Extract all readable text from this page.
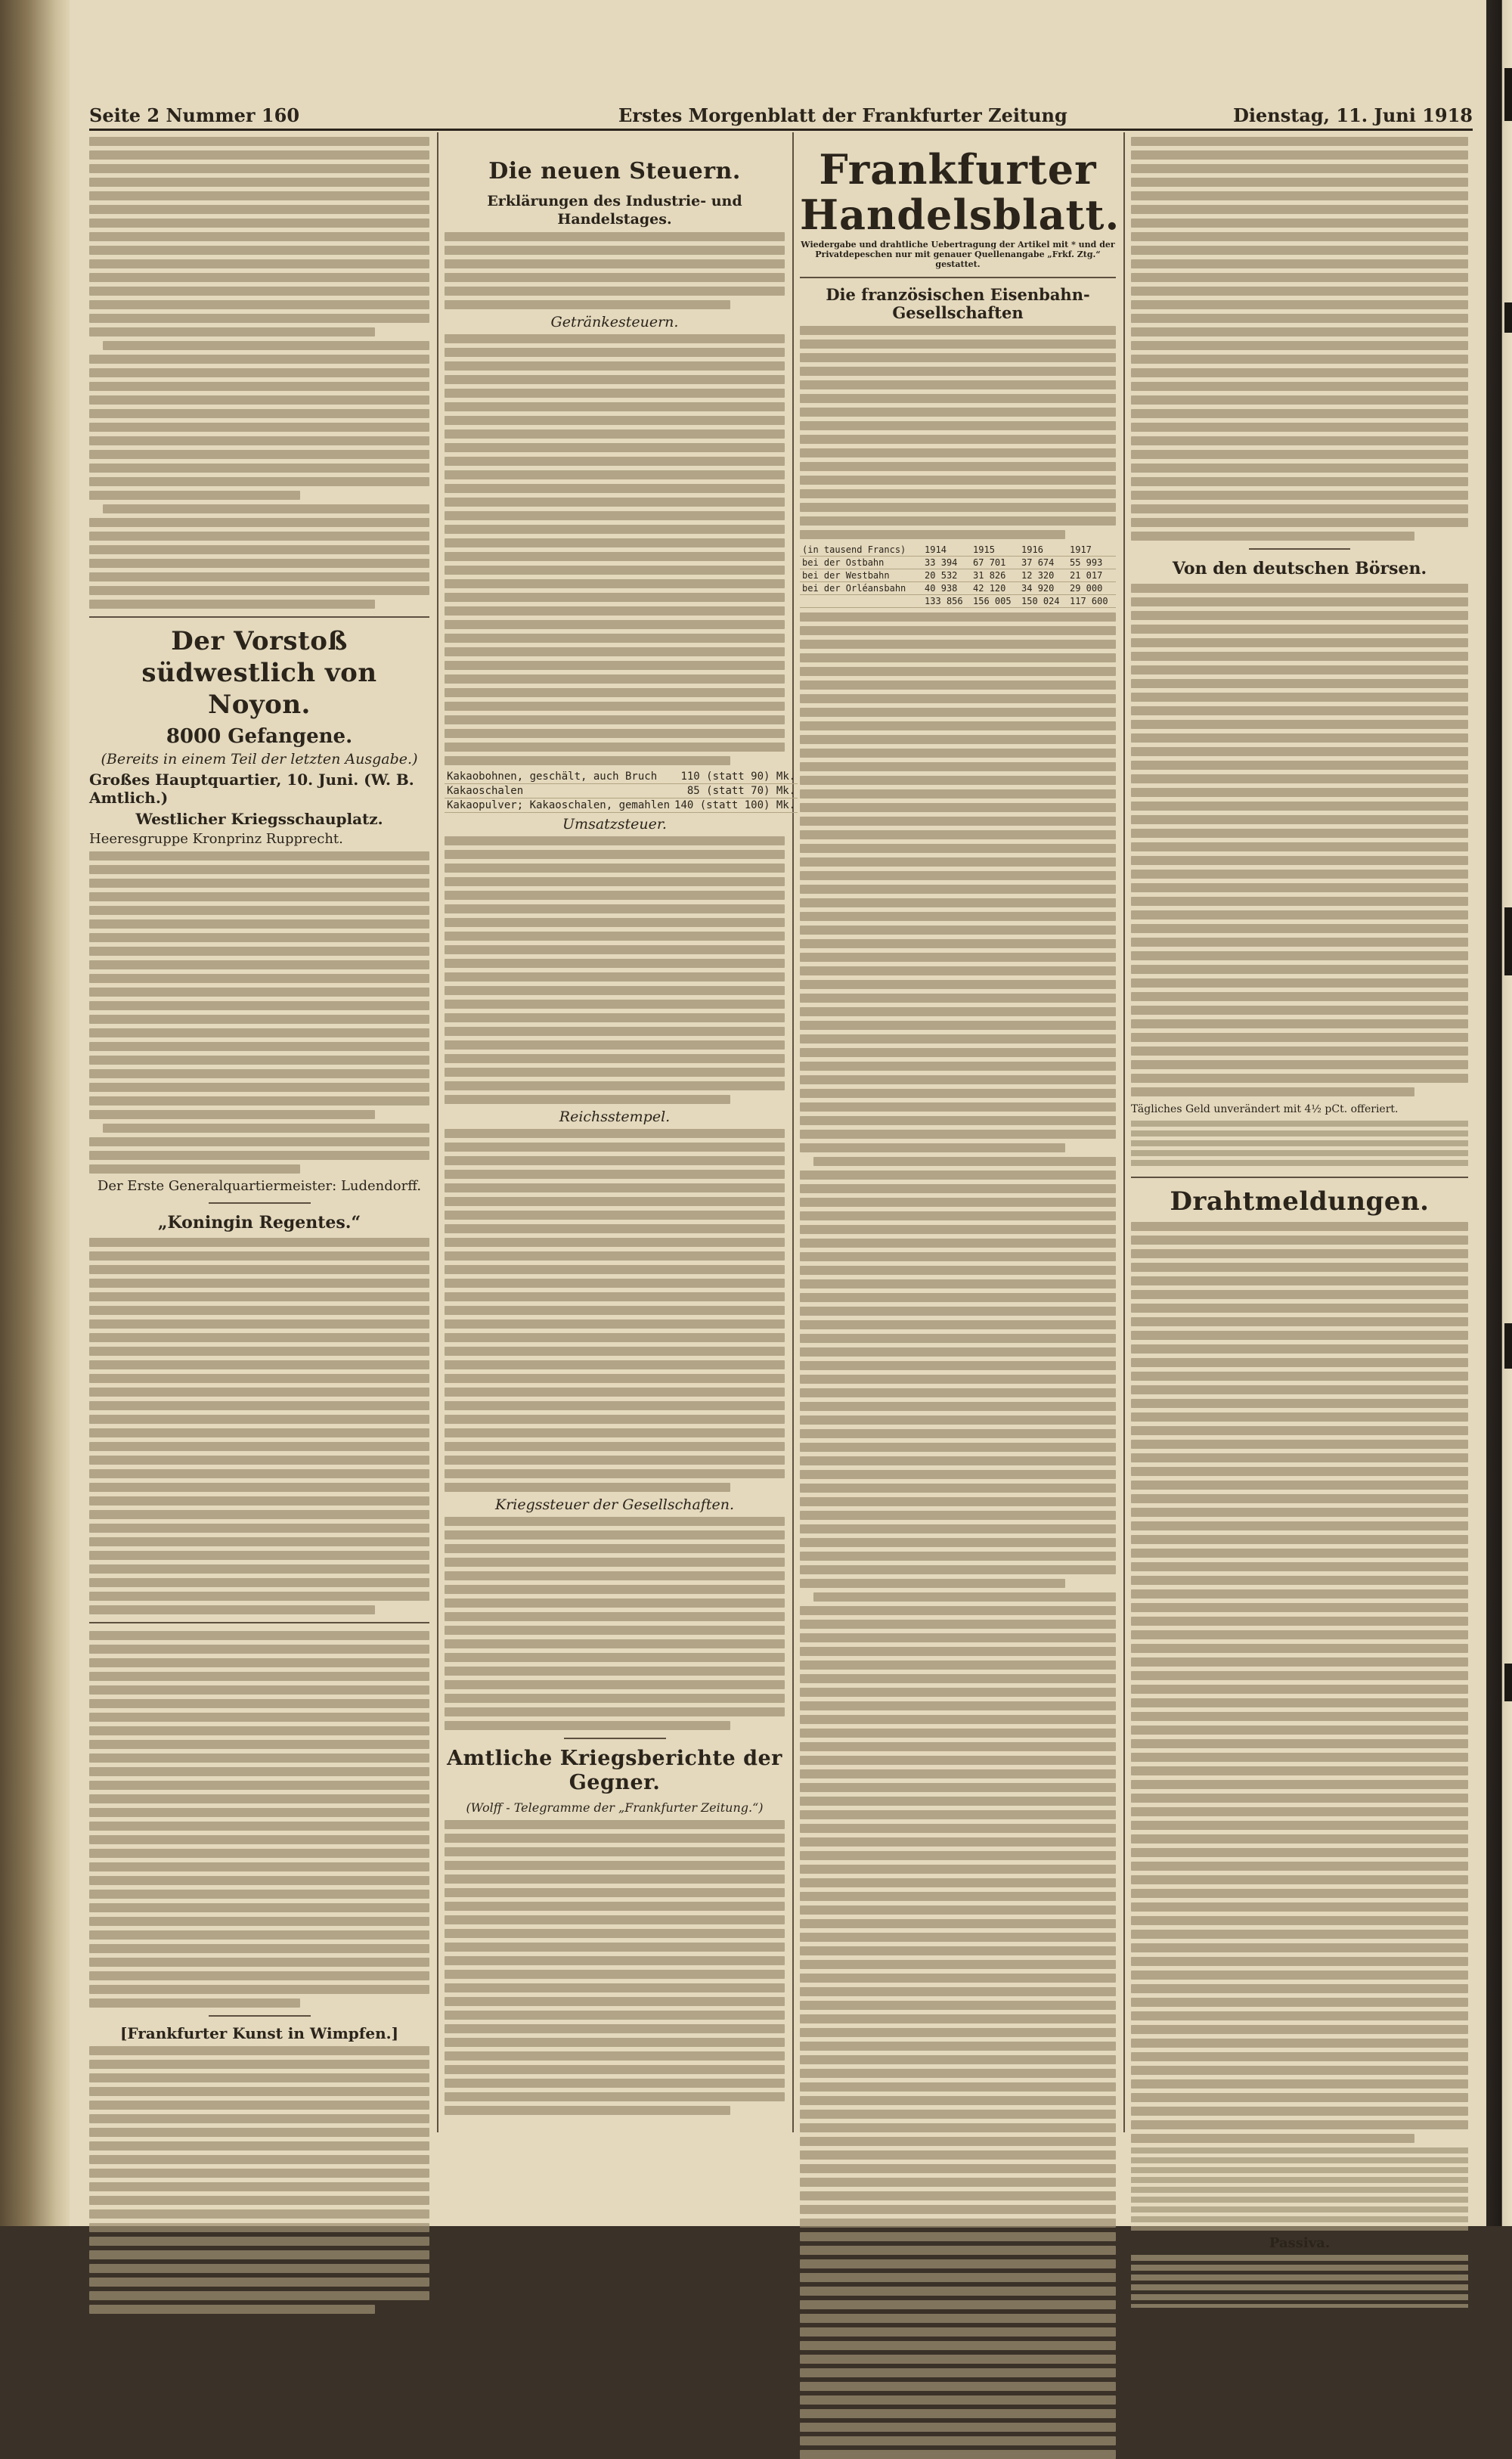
Seite 2 Nummer 160	Erstes Morgenblatt der Frankfurter Zeitung	Dienstag, 11. Juni 1918
Der Vorstoß südwestlich von Noyon.
8000 Gefangene.
(Bereits in einem Teil der letzten Ausgabe.)
Großes Hauptquartier, 10. Juni. (W. B. Amtlich.)
Westlicher Kriegsschauplatz.
Heeresgruppe Kronprinz Rupprecht.
Der Erste Generalquartiermeister: Ludendorff.
„Koningin Regentes.“
[Frankfurter Kunst in Wimpfen.]
Die neuen Steuern.
Erklärungen des Industrie- und Handelstages.
Getränkesteuern.
Kakaobohnen, geschält, auch Bruch	110 (statt 90) Mk.
Kakaoschalen	85 (statt 70) Mk.
Kakaopulver; Kakaoschalen, gemahlen	140 (statt 100) Mk.
Umsatzsteuer.
Reichsstempel.
Kriegssteuer der Gesellschaften.
Amtliche Kriegsberichte der Gegner.
(Wolff - Telegramme der „Frankfurter Zeitung.“)
Frankfurter Handelsblatt.
Wiedergabe und drahtliche Uebertragung der Artikel mit * und der Privatdepeschen nur mit genauer Quellenangabe „Frkf. Ztg.“ gestattet.
Die französischen Eisenbahn-Gesellschaften
(in tausend Francs)	1914	1915	1916	1917
bei der Ostbahn	33 394	67 701	37 674	55 993
bei der Westbahn	20 532	31 826	12 320	21 017
bei der Orléansbahn	40 938	42 120	34 920	29 000
	133 856	156 005	150 024	117 600
Von den deutschen Börsen.
Tägliches Geld unverändert mit 4½ pCt. offeriert.
Drahtmeldungen.
Passiva.
